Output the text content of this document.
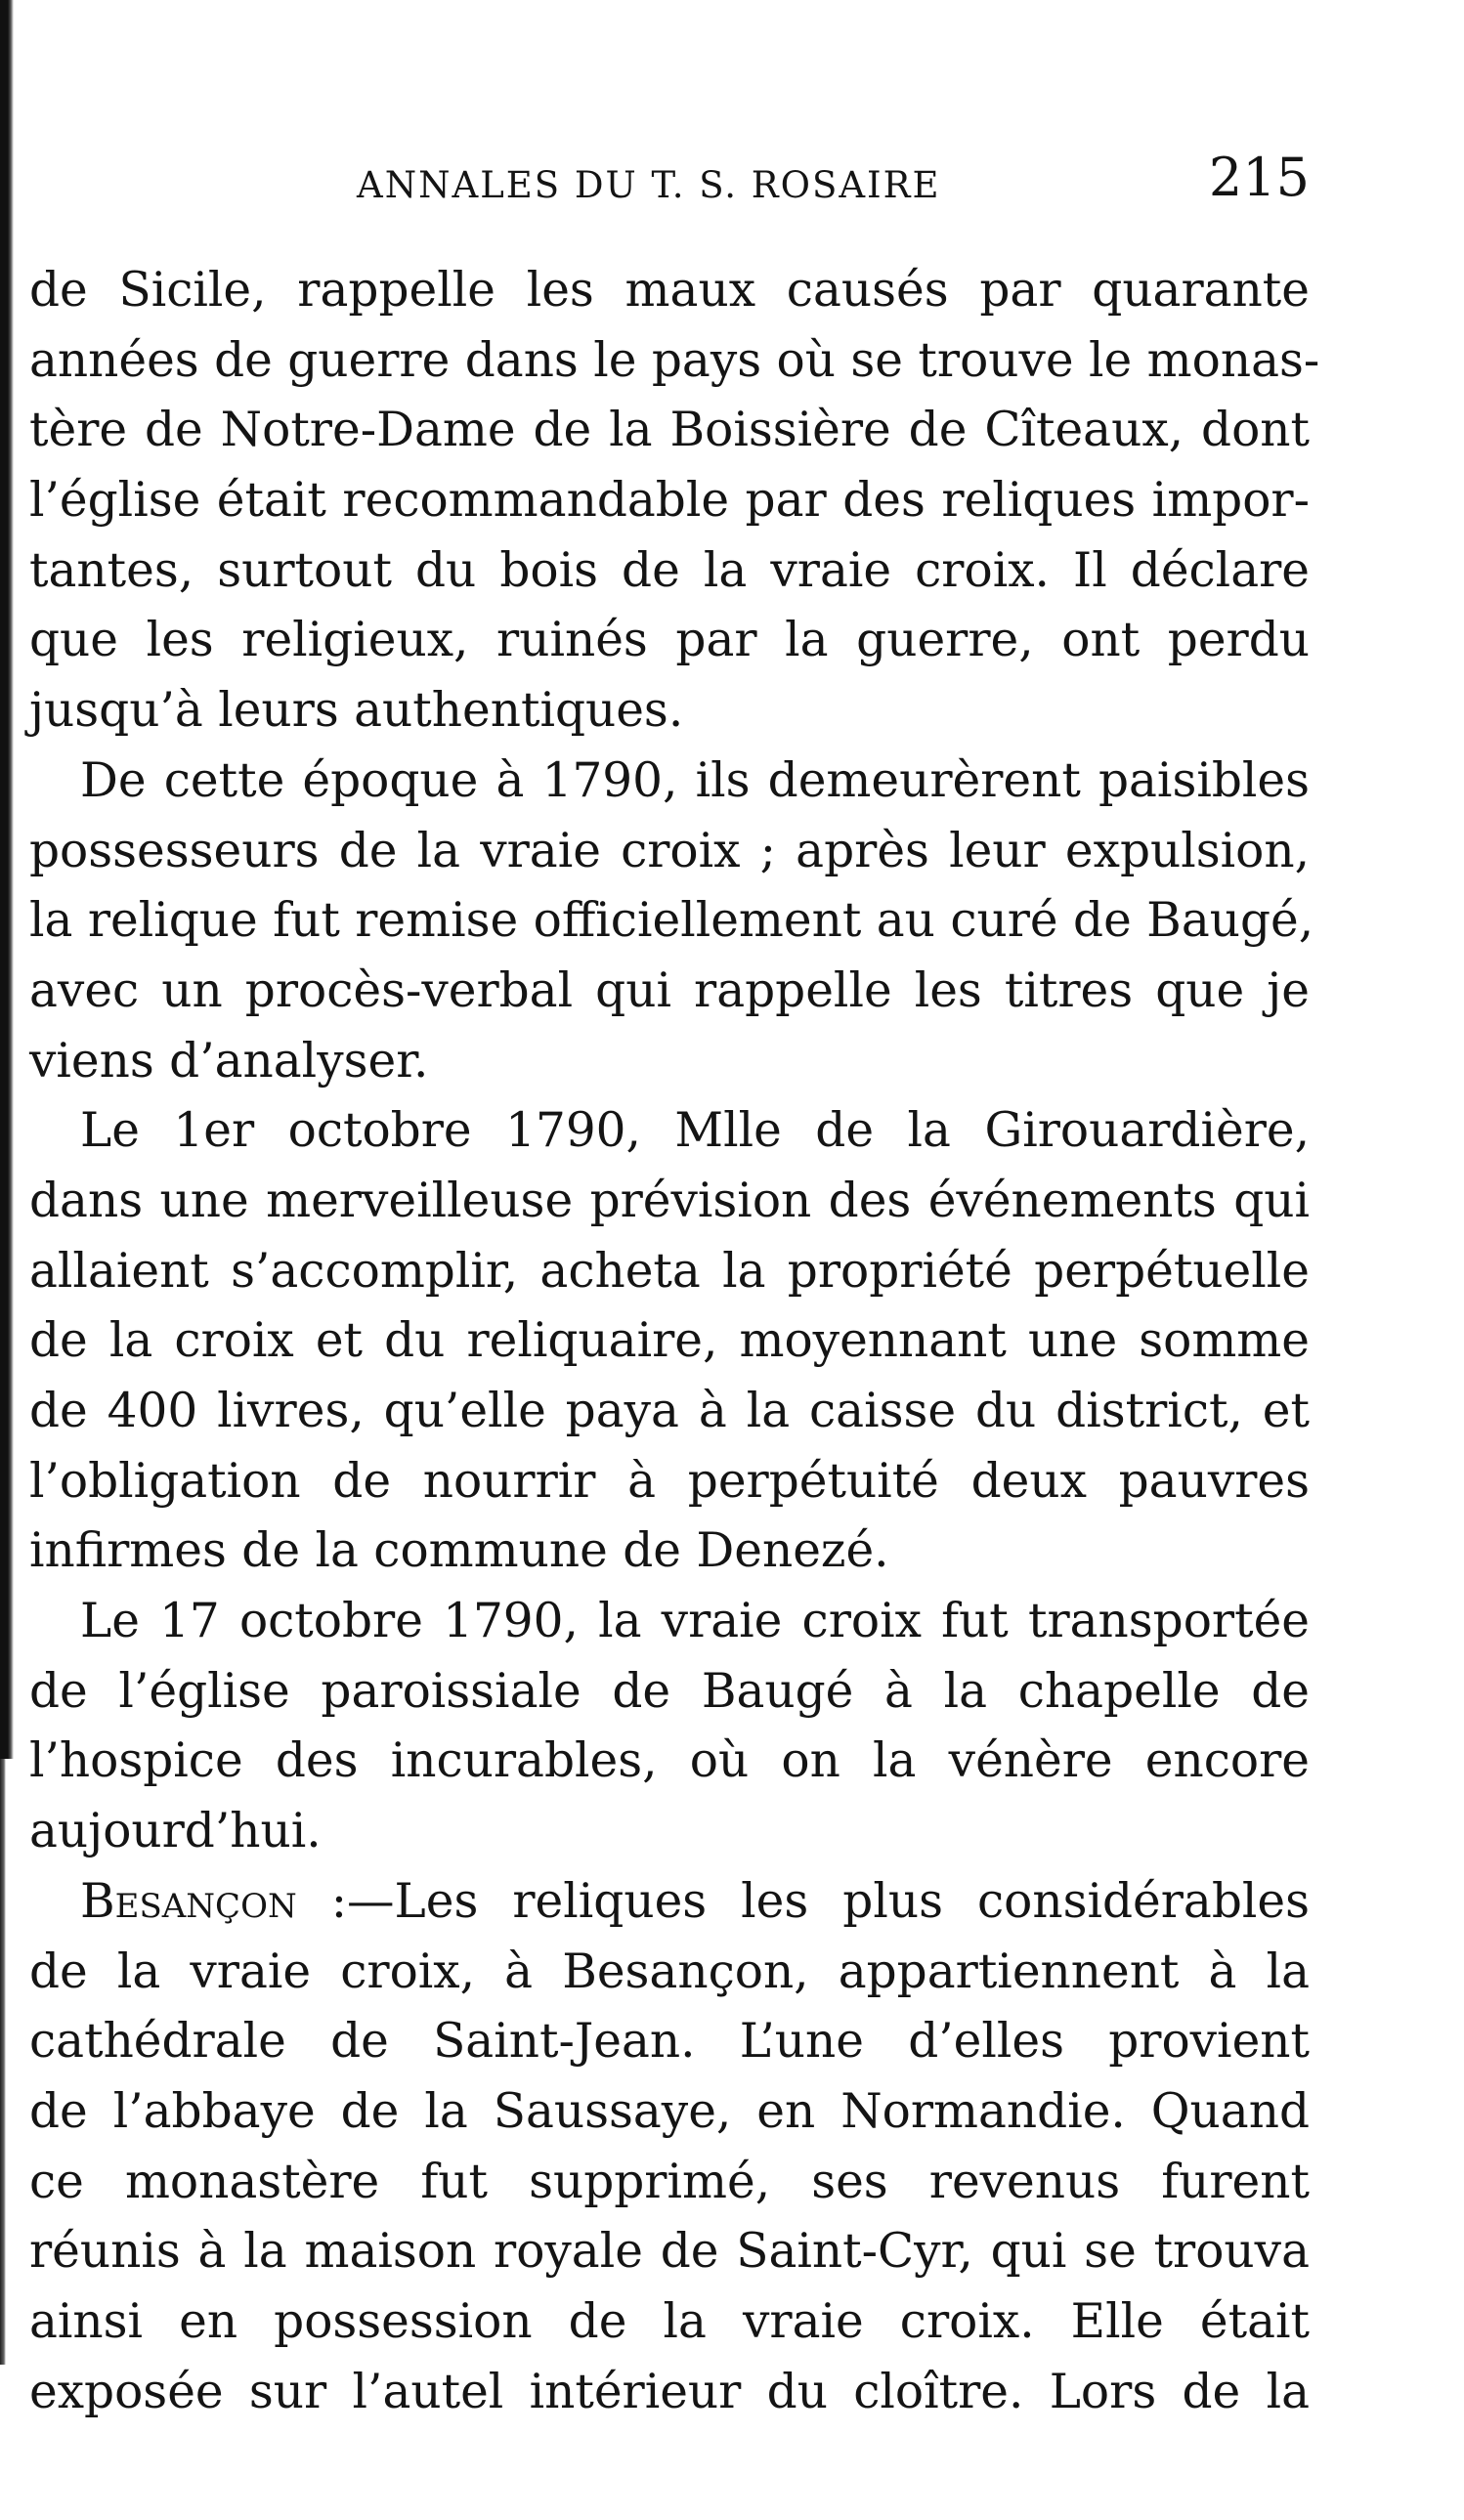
ANNALES DU T. S. ROSAIRE	215
de Sicile, rappelle les maux causés par quarante
années de guerre dans le pays où se trouve le monas-
tère de Notre-Dame de la Boissière de Cîteaux, dont
l’église était recommandable par des reliques impor-
tantes, surtout du bois de la vraie croix. Il déclare
que les religieux, ruinés par la guerre, ont perdu
jusqu’à leurs authentiques.
De cette époque à 1790, ils demeurèrent paisibles
possesseurs de la vraie croix ; après leur expulsion,
la relique fut remise officiellement au curé de Baugé,
avec un procès-verbal qui rappelle les titres que je
viens d’analyser.
Le 1er octobre 1790, Mlle de la Girouardière,
dans une merveilleuse prévision des événements qui
allaient s’accomplir, acheta la propriété perpétuelle
de la croix et du reliquaire, moyennant une somme
de 400 livres, qu’elle paya à la caisse du district, et
l’obligation de nourrir à perpétuité deux pauvres
infirmes de la commune de Denezé.
Le 17 octobre 1790, la vraie croix fut transportée
de l’église paroissiale de Baugé à la chapelle de
l’hospice des incurables, où on la vénère encore
aujourd’hui.
Besançon :—Les reliques les plus considérables
de la vraie croix, à Besançon, appartiennent à la
cathédrale de Saint-Jean. L’une d’elles provient
de l’abbaye de la Saussaye, en Normandie. Quand
ce monastère fut supprimé, ses revenus furent
réunis à la maison royale de Saint-Cyr, qui se trouva
ainsi en possession de la vraie croix. Elle était
exposée sur l’autel intérieur du cloître. Lors de la
